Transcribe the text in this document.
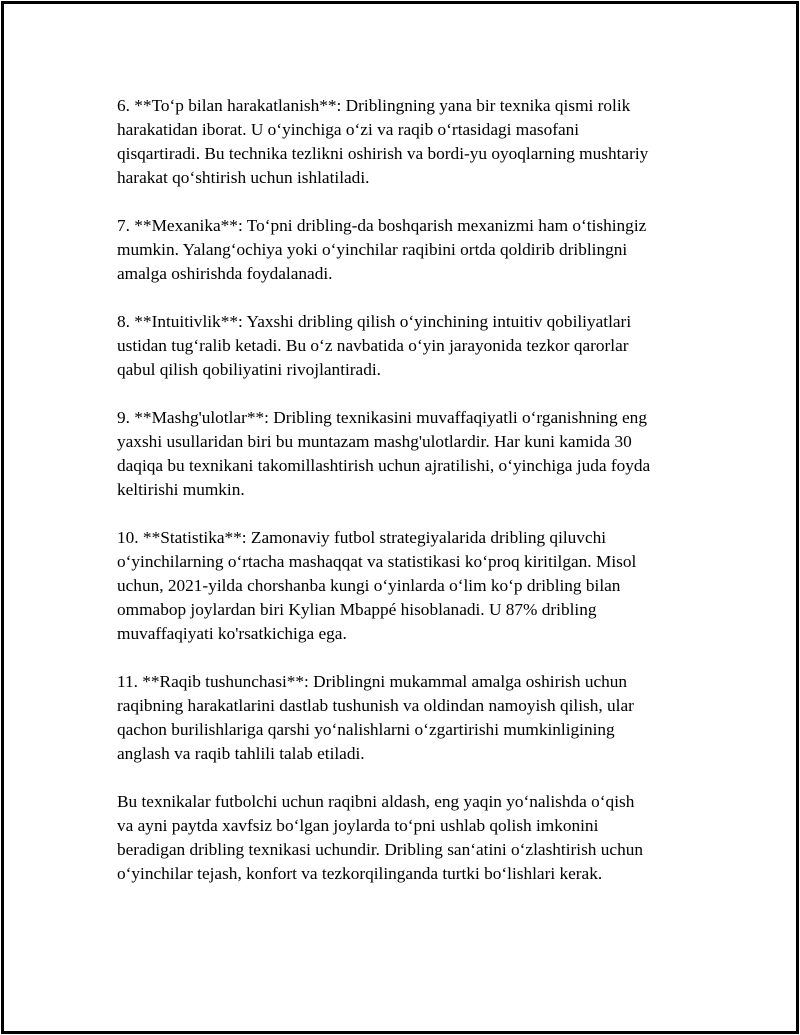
6. **To‘p bilan harakatlanish**: Driblingning yana bir texnika qismi rolik
harakatidan iborat. U o‘yinchiga o‘zi va raqib o‘rtasidagi masofani
qisqartiradi. Bu technika tezlikni oshirish va bordi-yu oyoqlarning mushtariy
harakat qo‘shtirish uchun ishlatiladi.

7. **Mexanika**: To‘pni dribling-da boshqarish mexanizmi ham o‘tishingiz
mumkin. Yalang‘ochiya yoki o‘yinchilar raqibini ortda qoldirib driblingni
amalga oshirishda foydalanadi.

8. **Intuitivlik**: Yaxshi dribling qilish o‘yinchining intuitiv qobiliyatlari
ustidan tug‘ralib ketadi. Bu o‘z navbatida o‘yin jarayonida tezkor qarorlar
qabul qilish qobiliyatini rivojlantiradi.

9. **Mashg'ulotlar**: Dribling texnikasini muvaffaqiyatli o‘rganishning eng
yaxshi usullaridan biri bu muntazam mashg'ulotlardir. Har kuni kamida 30
daqiqa bu texnikani takomillashtirish uchun ajratilishi, o‘yinchiga juda foyda
keltirishi mumkin.

10. **Statistika**: Zamonaviy futbol strategiyalarida dribling qiluvchi
o‘yinchilarning o‘rtacha mashaqqat va statistikasi ko‘proq kiritilgan. Misol
uchun, 2021-yilda chorshanba kungi o‘yinlarda o‘lim ko‘p dribling bilan
ommabop joylardan biri Kylian Mbappé hisoblanadi. U 87% dribling
muvaffaqiyati ko'rsatkichiga ega.

11. **Raqib tushunchasi**: Driblingni mukammal amalga oshirish uchun
raqibning harakatlarini dastlab tushunish va oldindan namoyish qilish, ular
qachon burilishlariga qarshi yo‘nalishlarni o‘zgartirishi mumkinligining
anglash va raqib tahlili talab etiladi.

Bu texnikalar futbolchi uchun raqibni aldash, eng yaqin yo‘nalishda o‘qish
va ayni paytda xavfsiz bo‘lgan joylarda to‘pni ushlab qolish imkonini
beradigan dribling texnikasi uchundir. Dribling san‘atini o‘zlashtirish uchun
o‘yinchilar tejash, konfort va tezkorqilinganda turtki bo‘lishlari kerak.
